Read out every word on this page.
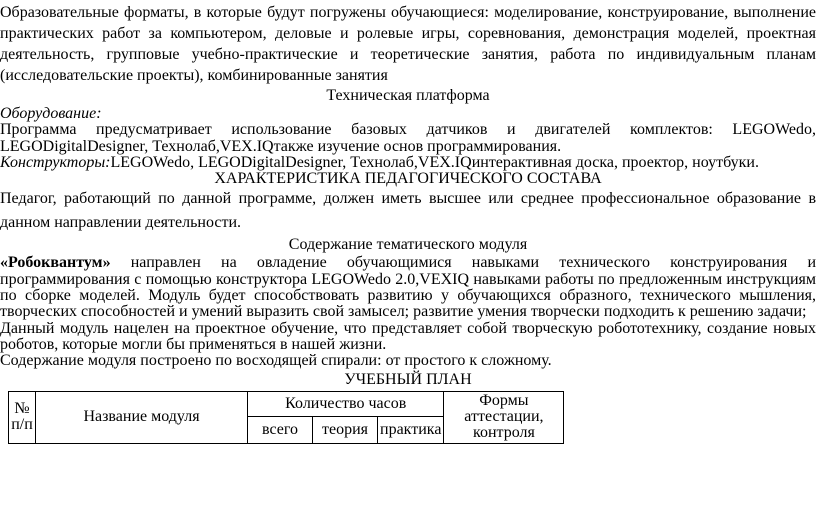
Образовательные форматы, в которые будут погружены обучающиеся: моделирование, конструирование, выполнение практических работ за компьютером, деловые и ролевые игры, соревнования, демонстрация моделей, проектная деятельность, групповые учебно-практические и теоретические занятия, работа по индивидуальным планам (исследовательские проекты), комбинированные занятия

Техническая платформа

Оборудование:

Программа предусматривает использование базовых датчиков и двигателей комплектов: LEGOWedo, LEGODigitalDesigner, Технолаб,VEX.IQтакже изучение основ программирования.

Конструкторы:LEGOWedo, LEGODigitalDesigner, Технолаб,VEX.IQинтерактивная доска, проектор, ноутбуки.

ХАРАКТЕРИСТИКА ПЕДАГОГИЧЕСКОГО СОСТАВА

Педагог, работающий по данной программе, должен иметь высшее или среднее профессиональное образование в данном направлении деятельности.

Содержание тематического модуля

«Робоквантум» направлен на овладение обучающимися навыками технического конструирования и программирования с помощью конструктора LEGOWedo 2.0,VEXIQ навыками работы по предложенным инструкциям по сборке моделей. Модуль будет способствовать развитию у обучающихся образного, технического мышления, творческих способностей и умений выразить свой замысел; развитие умения творчески подходить к решению задачи;

Данный модуль нацелен на проектное обучение, что представляет собой творческую робототехнику, создание новых роботов, которые могли бы применяться в нашей жизни.

Содержание модуля построено по восходящей спирали: от простого к сложному.

УЧЕБНЫЙ ПЛАН
№
п/п	Название модуля	Количество часов			Формы аттестации, контроля
		всего	теория	практика	
